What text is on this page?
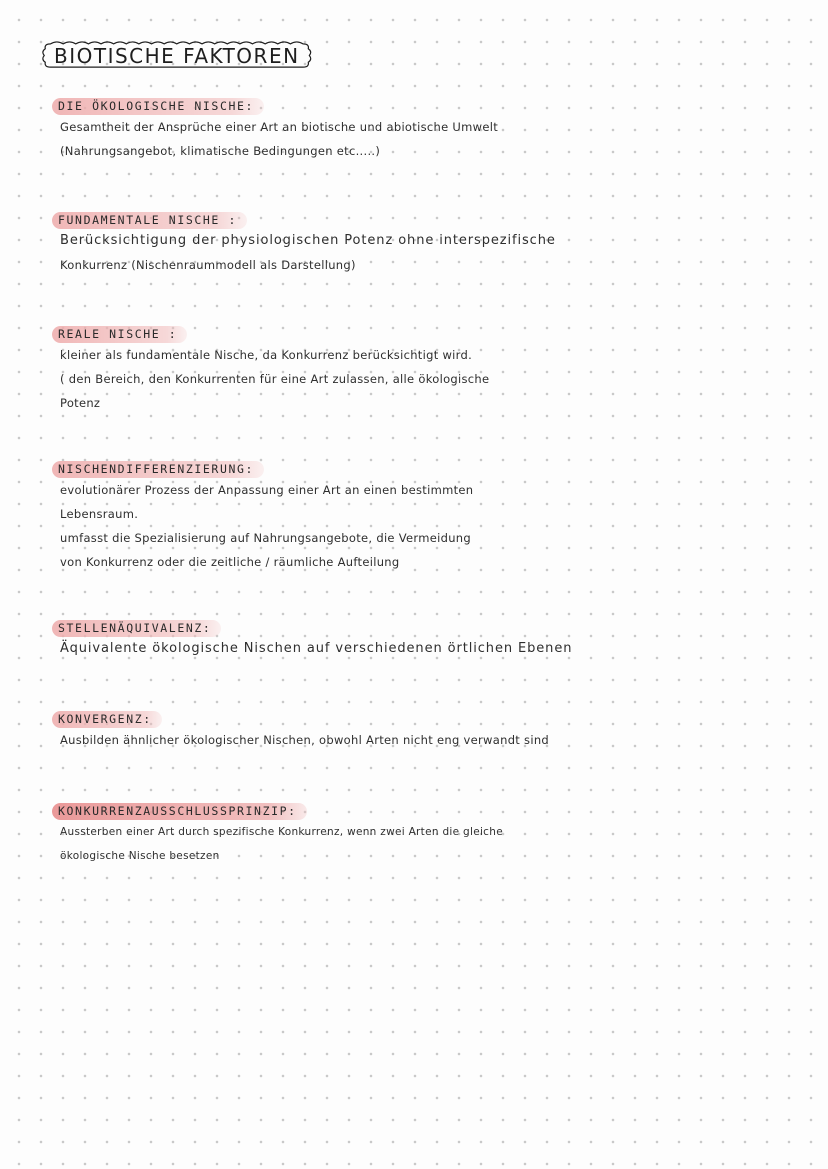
BIOTISCHE FAKTOREN
DIE ÖKOLOGISCHE NISCHE:
Gesamtheit der Ansprüche einer Art an biotische und abiotische Umwelt
(Nahrungsangebot, klimatische Bedingungen etc.....)
FUNDAMENTALE NISCHE :
Berücksichtigung der physiologischen Potenz ohne interspezifische
Konkurrenz (Nischenraummodell als Darstellung)
REALE NISCHE :
kleiner als fundamentale Nische, da Konkurrenz berücksichtigt wird.
( den Bereich, den Konkurrenten für eine Art zulassen, alle ökologische
Potenz
NISCHENDIFFERENZIERUNG:
evolutionärer Prozess der Anpassung einer Art an einen bestimmten
Lebensraum.
umfasst die Spezialisierung auf Nahrungsangebote, die Vermeidung
von Konkurrenz oder die zeitliche / räumliche Aufteilung
STELLENÄQUIVALENZ:
Äquivalente ökologische Nischen auf verschiedenen örtlichen Ebenen
KONVERGENZ:
Ausbilden ähnlicher ökologischer Nischen, obwohl Arten nicht eng verwandt sind
KONKURRENZAUSSCHLUSSPRINZIP:
Aussterben einer Art durch spezifische Konkurrenz, wenn zwei Arten die gleiche
ökologische Nische besetzen
